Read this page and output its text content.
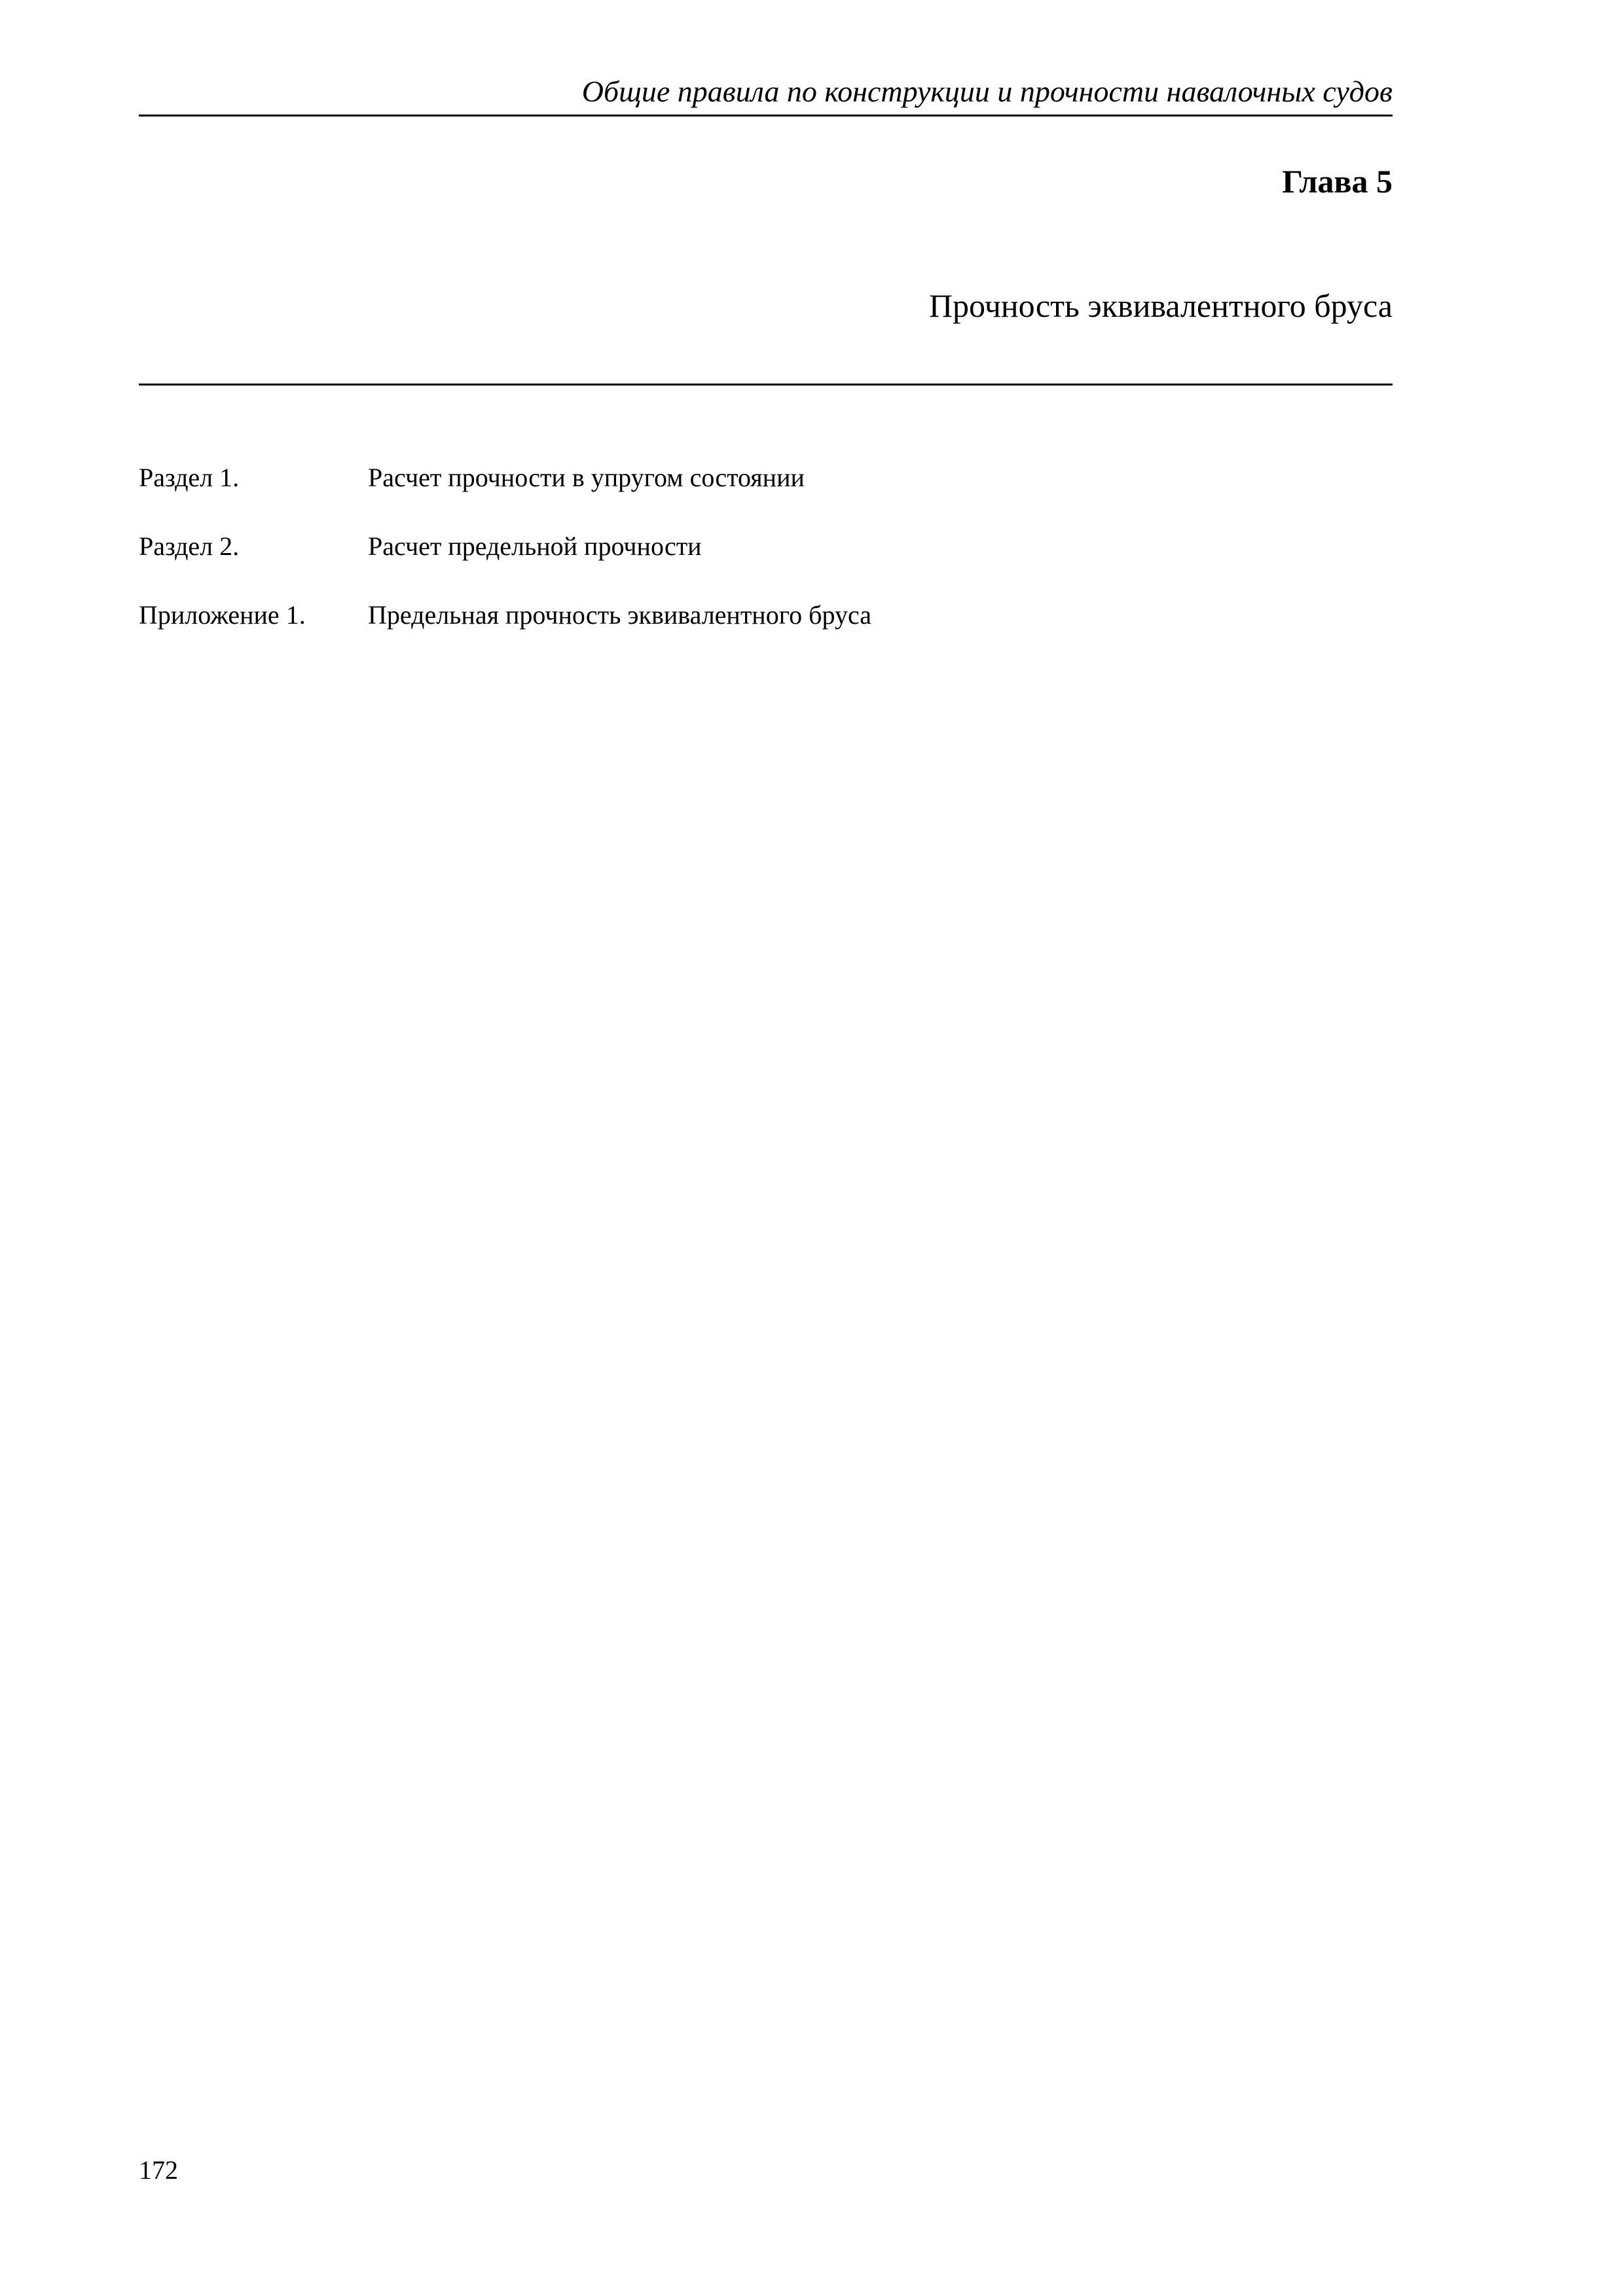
Общие правила по конструкции и прочности навалочных судов
Глава 5
Прочность эквивалентного бруса
Раздел 1.	Расчет прочности в упругом состоянии
Раздел 2.	Расчет предельной прочности
Приложение 1. Предельная прочность эквивалентного бруса
172
